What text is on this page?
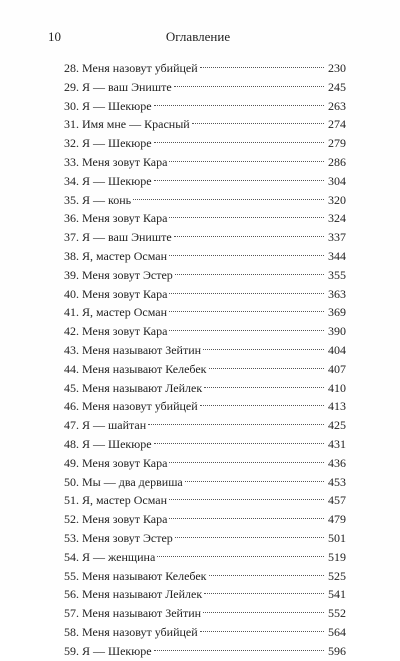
10	Оглавление
28. Меня назовут убийцей	230
29. Я — ваш Эниште	245
30. Я — Шекюре	263
31. Имя мне — Красный	274
32. Я — Шекюре	279
33. Меня зовут Кара	286
34. Я — Шекюре	304
35. Я — конь	320
36. Меня зовут Кара	324
37. Я — ваш Эниште	337
38. Я, мастер Осман	344
39. Меня зовут Эстер	355
40. Меня зовут Кара	363
41. Я, мастер Осман	369
42. Меня зовут Кара	390
43. Меня называют Зейтин	404
44. Меня называют Келебек	407
45. Меня называют Лейлек	410
46. Меня назовут убийцей	413
47. Я — шайтан	425
48. Я — Шекюре	431
49. Меня зовут Кара	436
50. Мы — два дервиша	453
51. Я, мастер Осман	457
52. Меня зовут Кара	479
53. Меня зовут Эстер	501
54. Я — женщина	519
55. Меня называют Келебек	525
56. Меня называют Лейлек	541
57. Меня называют Зейтин	552
58. Меня назовут убийцей	564
59. Я — Шекюре	596
